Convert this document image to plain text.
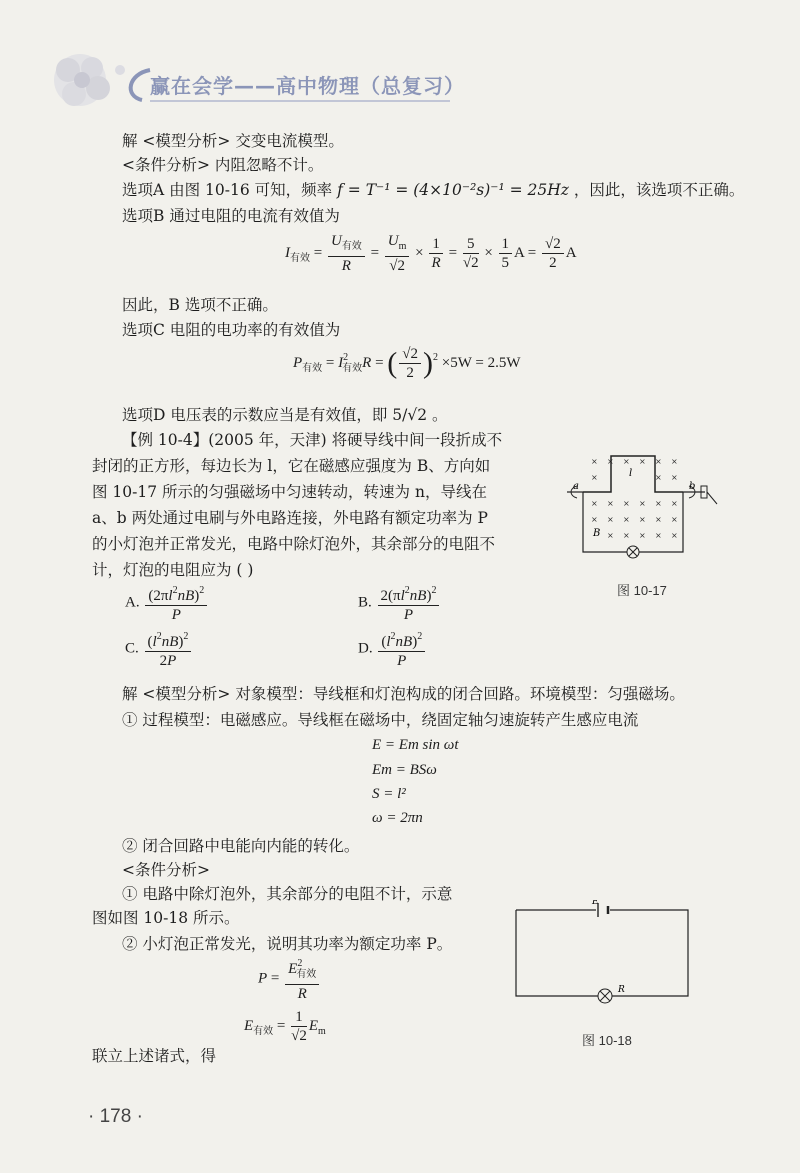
赢在会学——高中物理（总复习）
解 <模型分析> 交变电流模型。
<条件分析> 内阻忽略不计。
选项A 由图 10-16 可知，频率 f = T⁻¹ = (4×10⁻²s)⁻¹ = 25Hz ，因此，该选项不正确。
选项B 通过电阻的电流有效值为
$I_{有效} = \frac{U_{有效}}{R} = \frac{U_m}{√2} \times \frac{1}{R} = \frac{5}{√2} \times \frac{1}{5}$ $A = \frac{√2}{2}$ A
因此，B 选项不正确。
选项C 电阻的电功率的有效值为
$P_{有效} = I^2_{有效}R$ = ( $\frac{√2}{2} )^2 \times 5W = 2.5W$
选项D 电压表的示数应当是有效值，即 5/√2 。
【例 10-4】(2005 年，天津) 将硬导线中间一段折成不
封闭的正方形，每边长为 l，它在磁感应强度为 B、方向如
图 10-17 所示的匀强磁场中匀速转动，转速为 n，导线在
a、b 两处通过电刷与外电路连接，外电路有额定功率为 P
的小灯泡并正常发光，电路中除灯泡外，其余部分的电阻不
计，灯泡的电阻应为 ( )
× × × × × ×
×	× ×
× × × × × ×
× × × × × ×
× × × × ×
a	b
l
B
图 10-17
A. $\frac{(2\pi l^2nB)^2}{P}$	B. $\frac{2(\pi l^2nB)^2}{P}$
C. $\frac{(l^2nB)^2}{2P}$	D. $\frac{(l^2nB)^2}{P}$
解 <模型分析> 对象模型：导线框和灯泡构成的闭合回路。环境模型：匀强磁场。
① 过程模型：电磁感应。导线框在磁场中，绕固定轴匀速旋转产生感应电流
E = Em sin ωt
Em = BSω
S = l²
ω = 2πn
② 闭合回路中电能向内能的转化。
<条件分析>
① 电路中除灯泡外，其余部分的电阻不计，示意
图如图 10-18 所示。
② 小灯泡正常发光，说明其功率为额定功率 P。
$P = \frac{E^2_{有效}}{R}$
$E_{有效} = \frac{1}{√2} E_m$
E
R
图 10-18
联立上述诸式，得
· 178 ·
